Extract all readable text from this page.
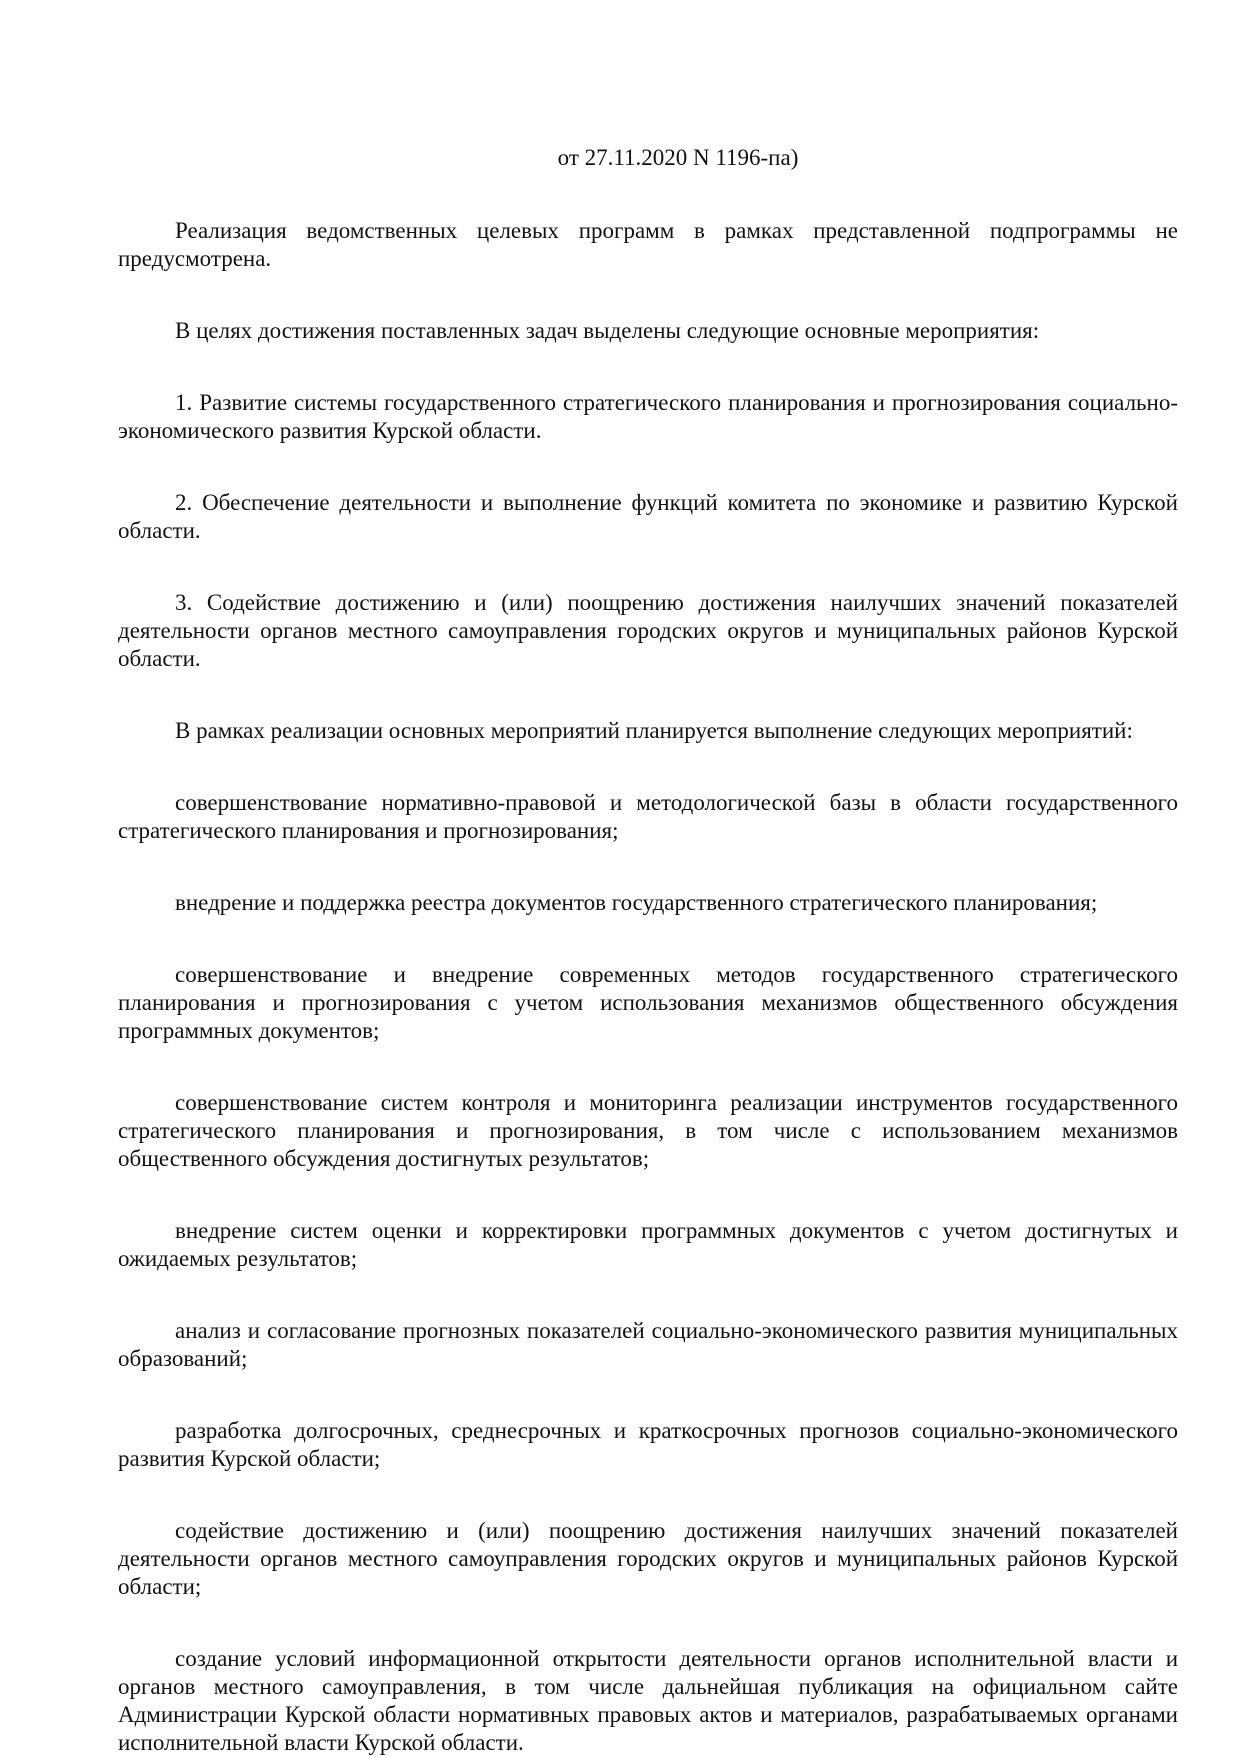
от 27.11.2020 N 1196-па)

Реализация ведомственных целевых программ в рамках представленной подпрограммы не предусмотрена.

В целях достижения поставленных задач выделены следующие основные мероприятия:

1. Развитие системы государственного стратегического планирования и прогнозирования социально-экономического развития Курской области.

2. Обеспечение деятельности и выполнение функций комитета по экономике и развитию Курской области.

3. Содействие достижению и (или) поощрению достижения наилучших значений показателей деятельности органов местного самоуправления городских округов и муниципальных районов Курской области.

В рамках реализации основных мероприятий планируется выполнение следующих мероприятий:

совершенствование нормативно-правовой и методологической базы в области государственного стратегического планирования и прогнозирования;

внедрение и поддержка реестра документов государственного стратегического планирования;

совершенствование и внедрение современных методов государственного стратегического планирования и прогнозирования с учетом использования механизмов общественного обсуждения программных документов;

совершенствование систем контроля и мониторинга реализации инструментов государственного стратегического планирования и прогнозирования, в том числе с использованием механизмов общественного обсуждения достигнутых результатов;

внедрение систем оценки и корректировки программных документов с учетом достигнутых и ожидаемых результатов;

анализ и согласование прогнозных показателей социально-экономического развития муниципальных образований;

разработка долгосрочных, среднесрочных и краткосрочных прогнозов социально-экономического развития Курской области;

содействие достижению и (или) поощрению достижения наилучших значений показателей деятельности органов местного самоуправления городских округов и муниципальных районов Курской области;

создание условий информационной открытости деятельности органов исполнительной власти и органов местного самоуправления, в том числе дальнейшая публикация на официальном сайте Администрации Курской области нормативных правовых актов и материалов, разрабатываемых органами исполнительной власти Курской области.
